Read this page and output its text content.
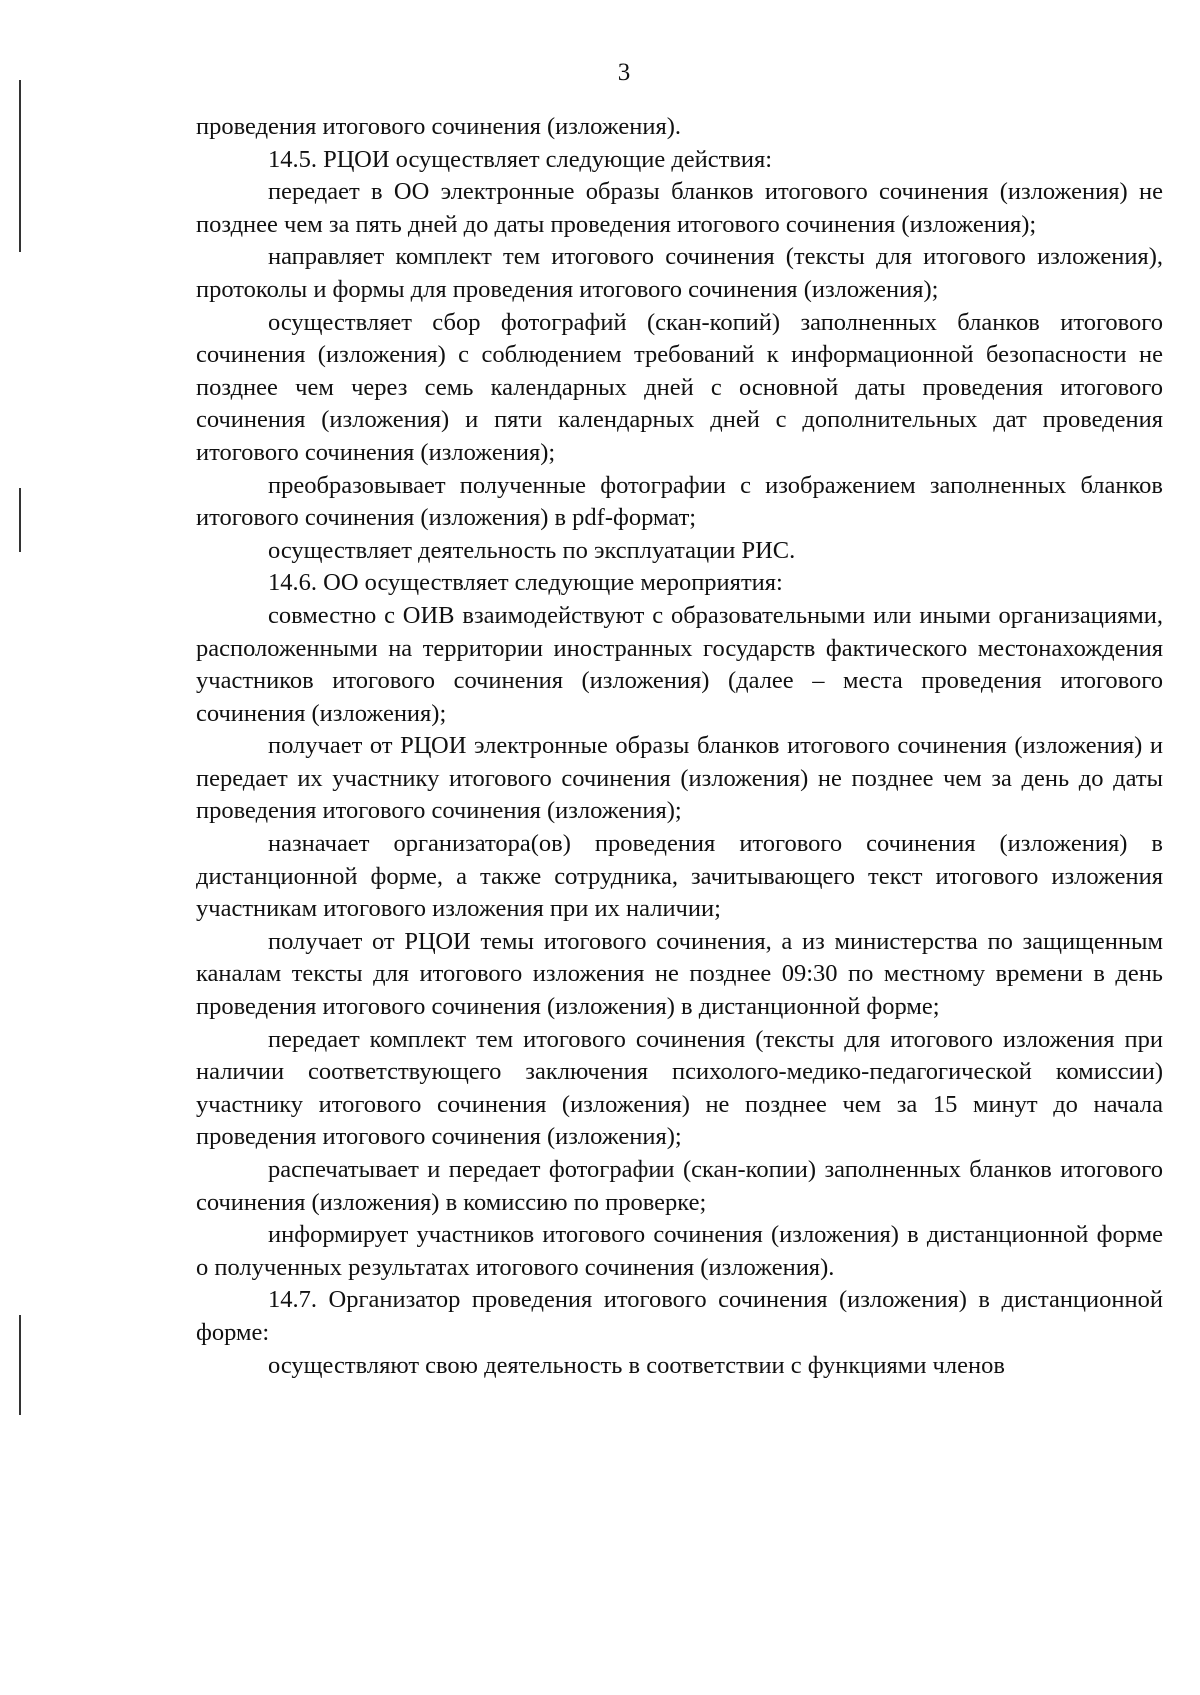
3

проведения итогового сочинения (изложения).

14.5. РЦОИ осуществляет следующие действия:

передает в ОО электронные образы бланков итогового сочинения (изложения) не позднее чем за пять дней до даты проведения итогового сочинения (изложения);

направляет комплект тем итогового сочинения (тексты для итогового изложения), протоколы и формы для проведения итогового сочинения (изложения);

осуществляет сбор фотографий (скан-копий) заполненных бланков итогового сочинения (изложения) с соблюдением требований к информационной безопасности не позднее чем через семь календарных дней с основной даты проведения итогового сочинения (изложения) и пяти календарных дней с дополнительных дат проведения итогового сочинения (изложения);

преобразовывает полученные фотографии с изображением заполненных бланков итогового сочинения (изложения) в pdf-формат;

осуществляет деятельность по эксплуатации РИС.

14.6. ОО осуществляет следующие мероприятия:

совместно с ОИВ взаимодействуют с образовательными или иными организациями, расположенными на территории иностранных государств фактического местонахождения участников итогового сочинения (изложения) (далее – места проведения итогового сочинения (изложения);

получает от РЦОИ электронные образы бланков итогового сочинения (изложения) и передает их участнику итогового сочинения (изложения) не позднее чем за день до даты проведения итогового сочинения (изложения);

назначает организатора(ов) проведения итогового сочинения (изложения) в дистанционной форме, а также сотрудника, зачитывающего текст итогового изложения участникам итогового изложения при их наличии;

получает от РЦОИ темы итогового сочинения, а из министерства по защищенным каналам тексты для итогового изложения не позднее 09:30 по местному времени в день проведения итогового сочинения (изложения) в дистанционной форме;

передает комплект тем итогового сочинения (тексты для итогового изложения при наличии соответствующего заключения психолого-медико-педагогической комиссии) участнику итогового сочинения (изложения) не позднее чем за 15 минут до начала проведения итогового сочинения (изложения);

распечатывает и передает фотографии (скан-копии) заполненных бланков итогового сочинения (изложения) в комиссию по проверке;

информирует участников итогового сочинения (изложения) в дистанционной форме о полученных результатах итогового сочинения (изложения).

14.7. Организатор проведения итогового сочинения (изложения) в дистанционной форме:

осуществляют свою деятельность в соответствии с функциями членов
